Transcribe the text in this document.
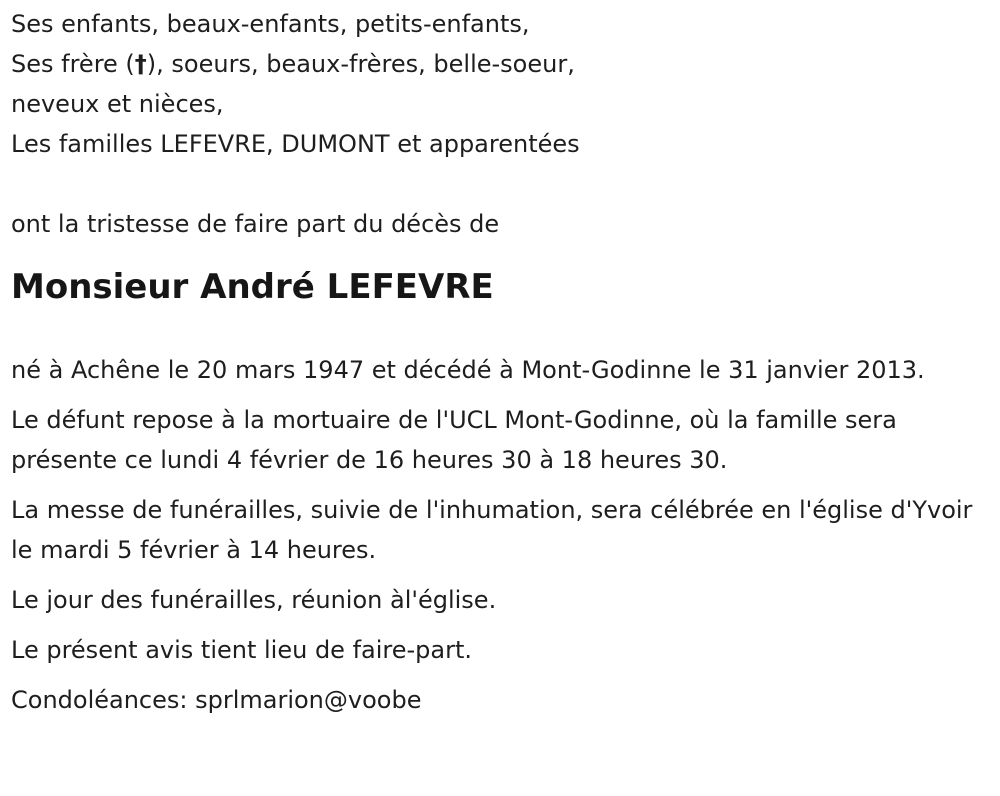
Ses enfants, beaux-enfants, petits-enfants,

Ses frère (†), soeurs, beaux-frères, belle-soeur,

neveux et nièces,

Les familles LEFEVRE, DUMONT et apparentées

ont la tristesse de faire part du décès de

Monsieur André LEFEVRE

né à Achêne le 20 mars 1947 et décédé à Mont-Godinne le 31 janvier 2013.

Le défunt repose à la mortuaire de l'UCL Mont-Godinne, où la famille sera présente ce lundi 4 février de 16 heures 30 à 18 heures 30.

La messe de funérailles, suivie de l'inhumation, sera célébrée en l'église d'Yvoir le mardi 5 février à 14 heures.

Le jour des funérailles, réunion àl'église.

Le présent avis tient lieu de faire-part.

Condoléances: sprlmarion@voobe
